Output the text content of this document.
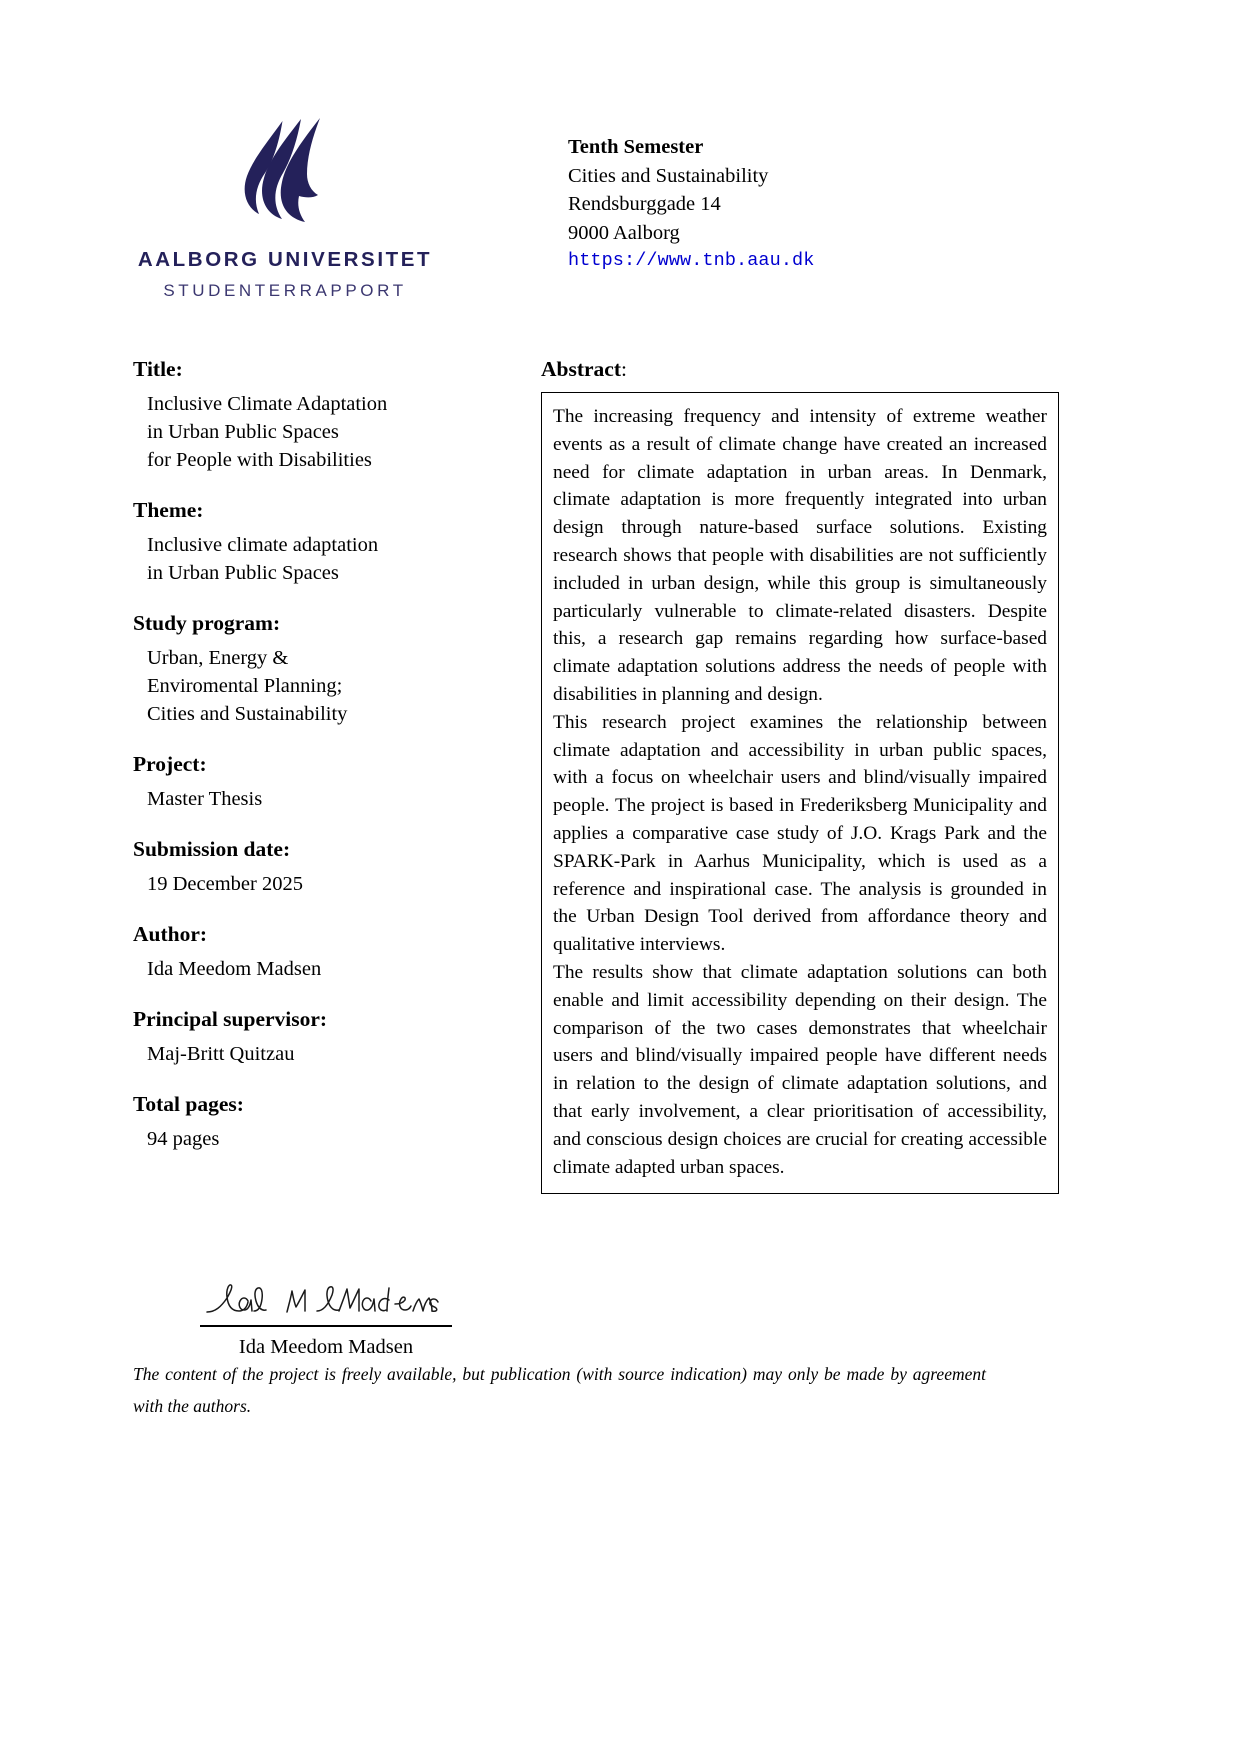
AALBORG UNIVERSITET
STUDENTERRAPPORT
Tenth Semester
Cities and Sustainability
Rendsburggade 14
9000 Aalborg
https://www.tnb.aau.dk
Title:
Inclusive Climate Adaptation
in Urban Public Spaces
for People with Disabilities
Theme:
Inclusive climate adaptation
in Urban Public Spaces
Study program:
Urban, Energy &
Enviromental Planning;
Cities and Sustainability
Project:
Master Thesis
Submission date:
19 December 2025
Author:
Ida Meedom Madsen
Principal supervisor:
Maj-Britt Quitzau
Total pages:
94 pages
Ida Meedom Madsen
The content of the project is freely available, but publication (with source indication) may only be made by agreement with the authors.
Abstract:

The increasing frequency and intensity of extreme weather events as a result of climate change have created an increased need for climate adaptation in urban areas. In Denmark, climate adaptation is more frequently integrated into urban design through nature-based surface solutions. Existing research shows that people with disabilities are not sufficiently included in urban design, while this group is simultaneously particularly vulnerable to climate-related disasters. Despite this, a research gap remains regarding how surface-based climate adaptation solutions address the needs of people with disabilities in planning and design.

This research project examines the relationship between climate adaptation and accessibility in urban public spaces, with a focus on wheelchair users and blind/visually impaired people. The project is based in Frederiksberg Municipality and applies a comparative case study of J.O. Krags Park and the SPARK-Park in Aarhus Municipality, which is used as a reference and inspirational case. The analysis is grounded in the Urban Design Tool derived from affordance theory and qualitative interviews.

The results show that climate adaptation solutions can both enable and limit accessibility depending on their design. The comparison of the two cases demonstrates that wheelchair users and blind/visually impaired people have different needs in relation to the design of climate adaptation solutions, and that early involvement, a clear prioritisation of accessibility, and conscious design choices are crucial for creating accessible climate adapted urban spaces.
